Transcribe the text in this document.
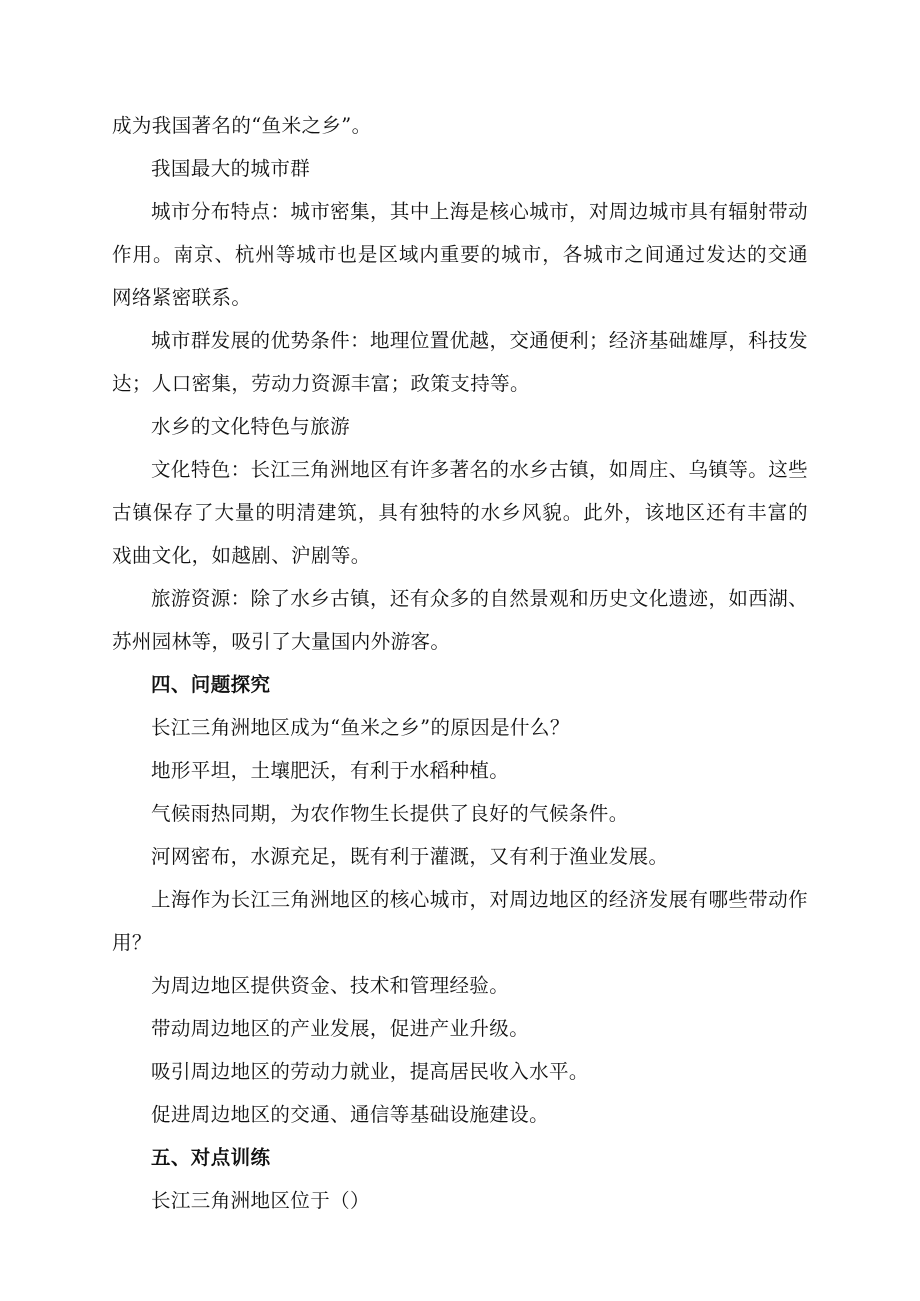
成为我国著名的“鱼米之乡”。

我国最大的城市群

城市分布特点：城市密集，其中上海是核心城市，对周边城市具有辐射带动作用。南京、杭州等城市也是区域内重要的城市，各城市之间通过发达的交通网络紧密联系。

城市群发展的优势条件：地理位置优越，交通便利；经济基础雄厚，科技发达；人口密集，劳动力资源丰富；政策支持等。

水乡的文化特色与旅游

文化特色：长江三角洲地区有许多著名的水乡古镇，如周庄、乌镇等。这些古镇保存了大量的明清建筑，具有独特的水乡风貌。此外，该地区还有丰富的戏曲文化，如越剧、沪剧等。

旅游资源：除了水乡古镇，还有众多的自然景观和历史文化遗迹，如西湖、苏州园林等，吸引了大量国内外游客。

四、问题探究

长江三角洲地区成为“鱼米之乡”的原因是什么？

地形平坦，土壤肥沃，有利于水稻种植。

气候雨热同期，为农作物生长提供了良好的气候条件。

河网密布，水源充足，既有利于灌溉，又有利于渔业发展。

上海作为长江三角洲地区的核心城市，对周边地区的经济发展有哪些带动作用？

为周边地区提供资金、技术和管理经验。

带动周边地区的产业发展，促进产业升级。

吸引周边地区的劳动力就业，提高居民收入水平。

促进周边地区的交通、通信等基础设施建设。

五、对点训练

长江三角洲地区位于（）
